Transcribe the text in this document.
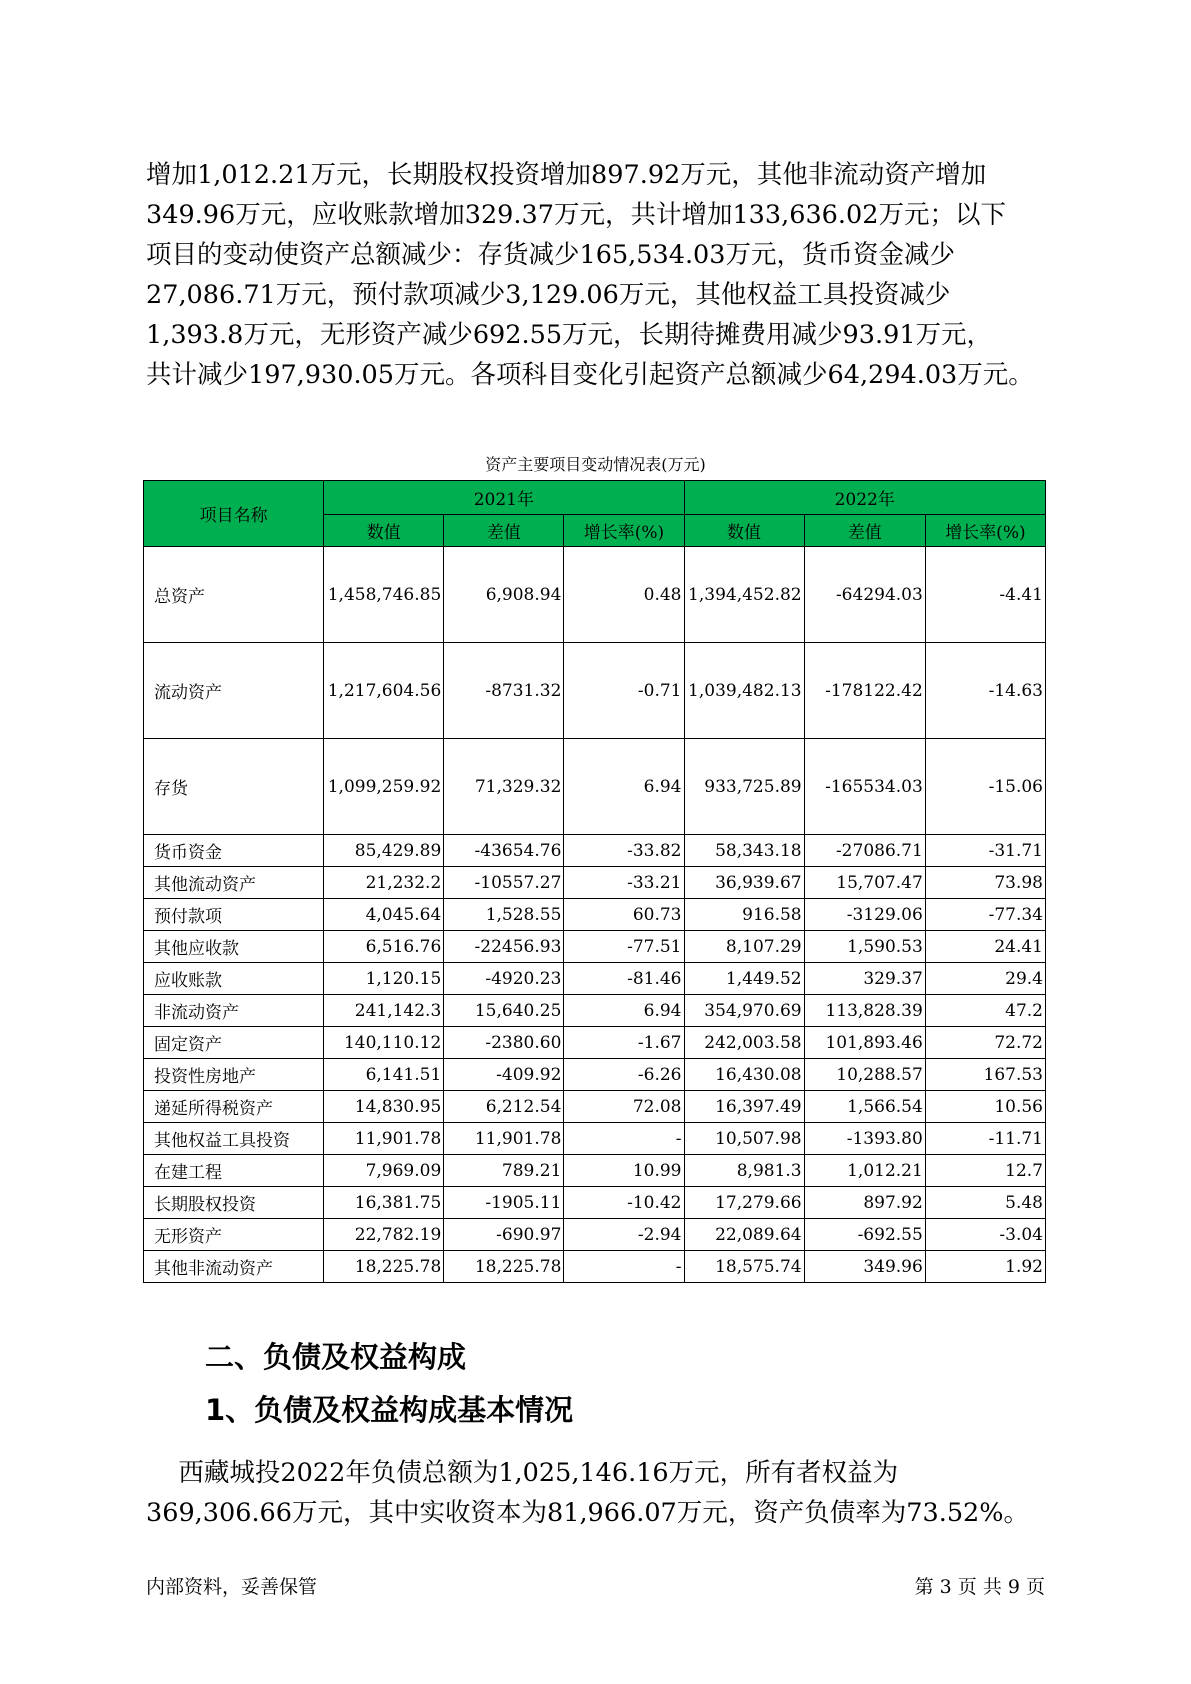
增加1,012.21万元，长期股权投资增加897.92万元，其他非流动资产增加
349.96万元，应收账款增加329.37万元，共计增加133,636.02万元；以下
项目的变动使资产总额减少：存货减少165,534.03万元，货币资金减少
27,086.71万元，预付款项减少3,129.06万元，其他权益工具投资减少
1,393.8万元，无形资产减少692.55万元，长期待摊费用减少93.91万元，
共计减少197,930.05万元。各项科目变化引起资产总额减少64,294.03万元。
资产主要项目变动情况表(万元)
项目名称	2021年			2022年		
	数值	差值	增长率(%)	数值	差值	增长率(%)
总资产	1,458,746.85	6,908.94	0.48	1,394,452.82	-64294.03	-4.41

流动资产	1,217,604.56	-8731.32	-0.71	1,039,482.13	-178122.42	-14.63

存货	1,099,259.92	71,329.32	6.94	933,725.89	-165534.03	-15.06

货币资金	85,429.89	-43654.76	-33.82	58,343.18	-27086.71	-31.71
其他流动资产	21,232.2	-10557.27	-33.21	36,939.67	15,707.47	73.98
预付款项	4,045.64	1,528.55	60.73	916.58	-3129.06	-77.34
其他应收款	6,516.76	-22456.93	-77.51	8,107.29	1,590.53	24.41
应收账款	1,120.15	-4920.23	-81.46	1,449.52	329.37	29.4
非流动资产	241,142.3	15,640.25	6.94	354,970.69	113,828.39	47.2
固定资产	140,110.12	-2380.60	-1.67	242,003.58	101,893.46	72.72
投资性房地产	6,141.51	-409.92	-6.26	16,430.08	10,288.57	167.53
递延所得税资产	14,830.95	6,212.54	72.08	16,397.49	1,566.54	10.56
其他权益工具投资	11,901.78	11,901.78	-	10,507.98	-1393.80	-11.71
在建工程	7,969.09	789.21	10.99	8,981.3	1,012.21	12.7
长期股权投资	16,381.75	-1905.11	-10.42	17,279.66	897.92	5.48
无形资产	22,782.19	-690.97	-2.94	22,089.64	-692.55	-3.04
其他非流动资产	18,225.78	18,225.78	-	18,575.74	349.96	1.92
二、负债及权益构成
1、负债及权益构成基本情况
西藏城投2022年负债总额为1,025,146.16万元，所有者权益为
369,306.66万元，其中实收资本为81,966.07万元，资产负债率为73.52%。
内部资料，妥善保管	第 3 页 共 9 页
